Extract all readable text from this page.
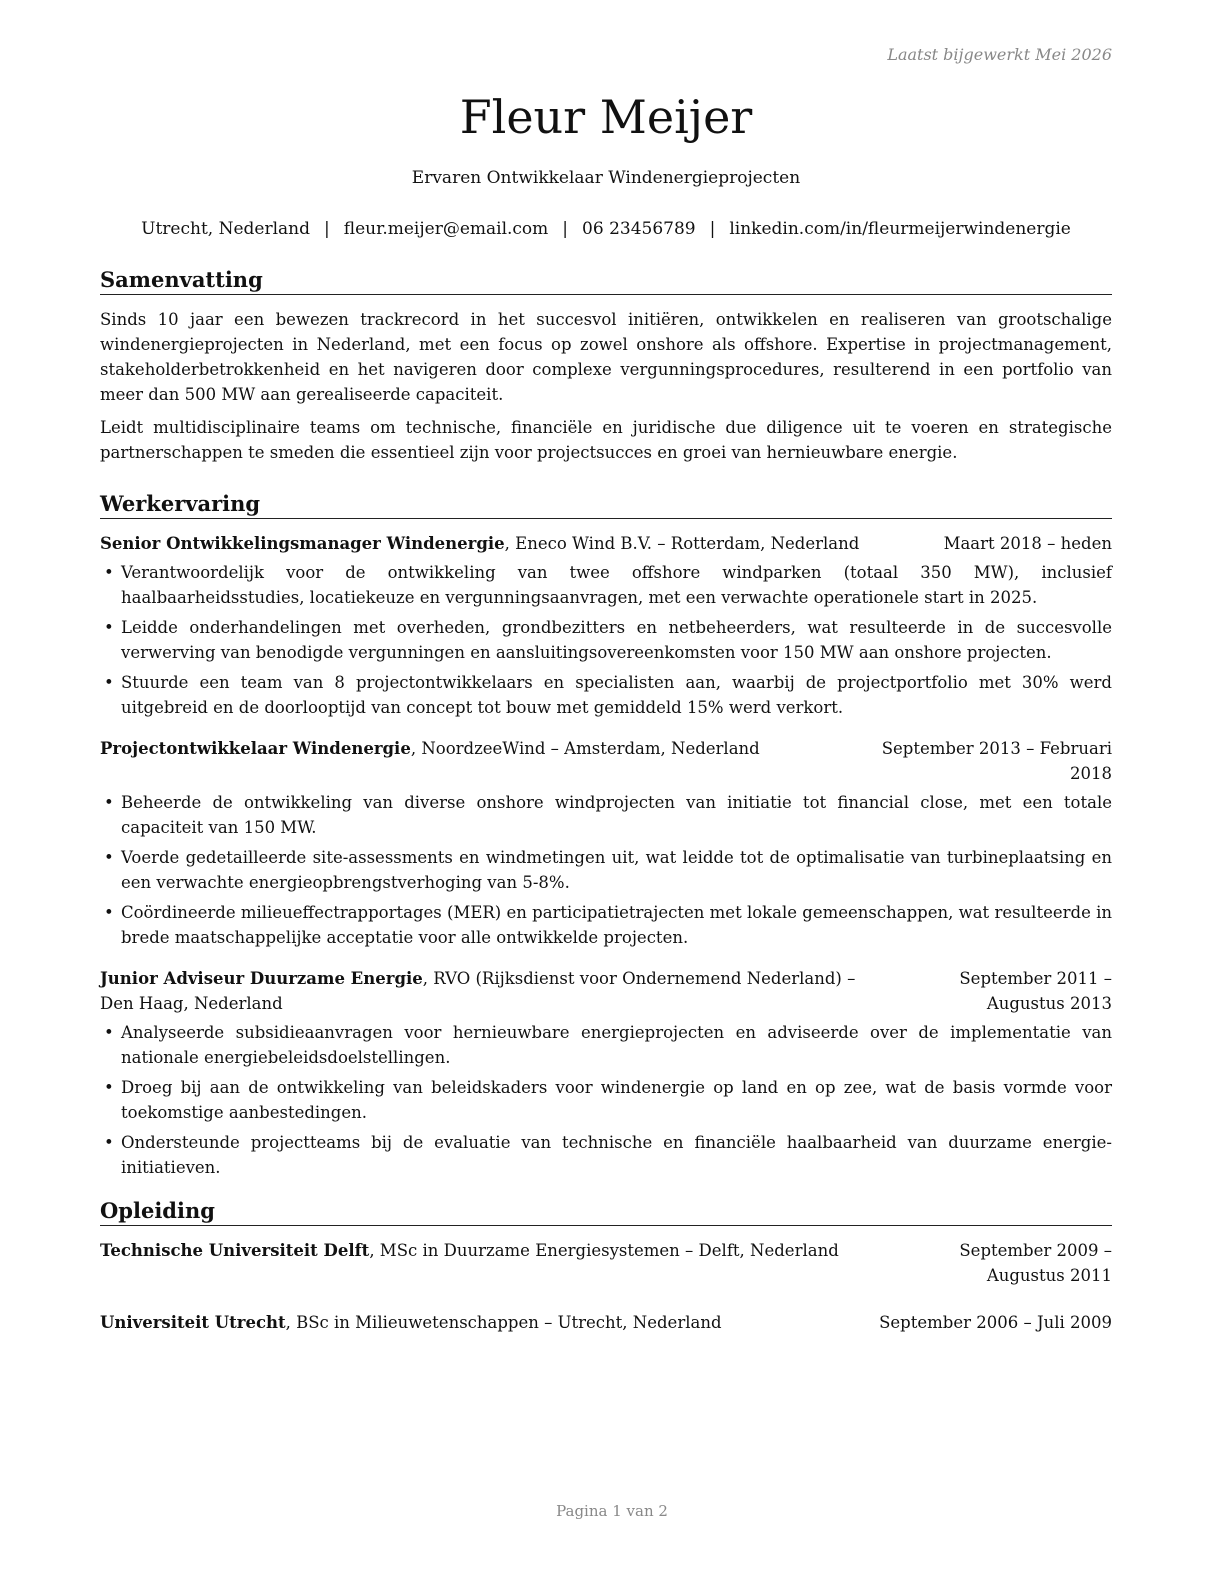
Laatst bijgewerkt Mei 2026
Fleur Meijer
Ervaren Ontwikkelaar Windenergieprojecten
Utrecht, Nederland | fleur.meijer@email.com | 06 23456789 | linkedin.com/in/fleurmeijerwindenergie
Samenvatting

Sinds 10 jaar een bewezen trackrecord in het succesvol initiëren, ontwikkelen en realiseren van grootschalige windenergieprojecten in Nederland, met een focus op zowel onshore als offshore. Expertise in projectmanagement, stakeholderbetrokkenheid en het navigeren door complexe vergunningsprocedures, resulterend in een portfolio van meer dan 500 MW aan gerealiseerde capaciteit.

Leidt multidisciplinaire teams om technische, financiële en juridische due diligence uit te voeren en strategische partnerschappen te smeden die essentieel zijn voor projectsucces en groei van hernieuwbare energie.

Werkervaring
Senior Ontwikkelingsmanager Windenergie, Eneco Wind B.V. – Rotterdam, Nederland	Maart 2018 – heden
• Verantwoordelijk voor de ontwikkeling van twee offshore windparken (totaal 350 MW), inclusief haalbaarheidsstudies, locatiekeuze en vergunningsaanvragen, met een verwachte operationele start in 2025.
• Leidde onderhandelingen met overheden, grondbezitters en netbeheerders, wat resulteerde in de succesvolle verwerving van benodigde vergunningen en aansluitingsovereenkomsten voor 150 MW aan onshore projecten.
• Stuurde een team van 8 projectontwikkelaars en specialisten aan, waarbij de projectportfolio met 30% werd uitgebreid en de doorlooptijd van concept tot bouw met gemiddeld 15% werd verkort.
Projectontwikkelaar Windenergie, NoordzeeWind – Amsterdam, Nederland	September 2013 – Februari 2018
• Beheerde de ontwikkeling van diverse onshore windprojecten van initiatie tot financial close, met een totale capaciteit van 150 MW.
• Voerde gedetailleerde site-assessments en windmetingen uit, wat leidde tot de optimalisatie van turbineplaatsing en een verwachte energieopbrengstverhoging van 5-8%.
• Coördineerde milieueffectrapportages (MER) en participatietrajecten met lokale gemeenschappen, wat resulteerde in brede maatschappelijke acceptatie voor alle ontwikkelde projecten.
Junior Adviseur Duurzame Energie, RVO (Rijksdienst voor Ondernemend Nederland) – Den Haag, Nederland
September 2011 – Augustus 2013
• Analyseerde subsidieaanvragen voor hernieuwbare energieprojecten en adviseerde over de implementatie van nationale energiebeleidsdoelstellingen.
• Droeg bij aan de ontwikkeling van beleidskaders voor windenergie op land en op zee, wat de basis vormde voor toekomstige aanbestedingen.
• Ondersteunde projectteams bij de evaluatie van technische en financiële haalbaarheid van duurzame energie-initiatieven.
Opleiding
Technische Universiteit Delft, MSc in Duurzame Energiesystemen – Delft, Nederland	September 2009 – Augustus 2011
Universiteit Utrecht, BSc in Milieuwetenschappen – Utrecht, Nederland	September 2006 – Juli 2009
Pagina 1 van 2
